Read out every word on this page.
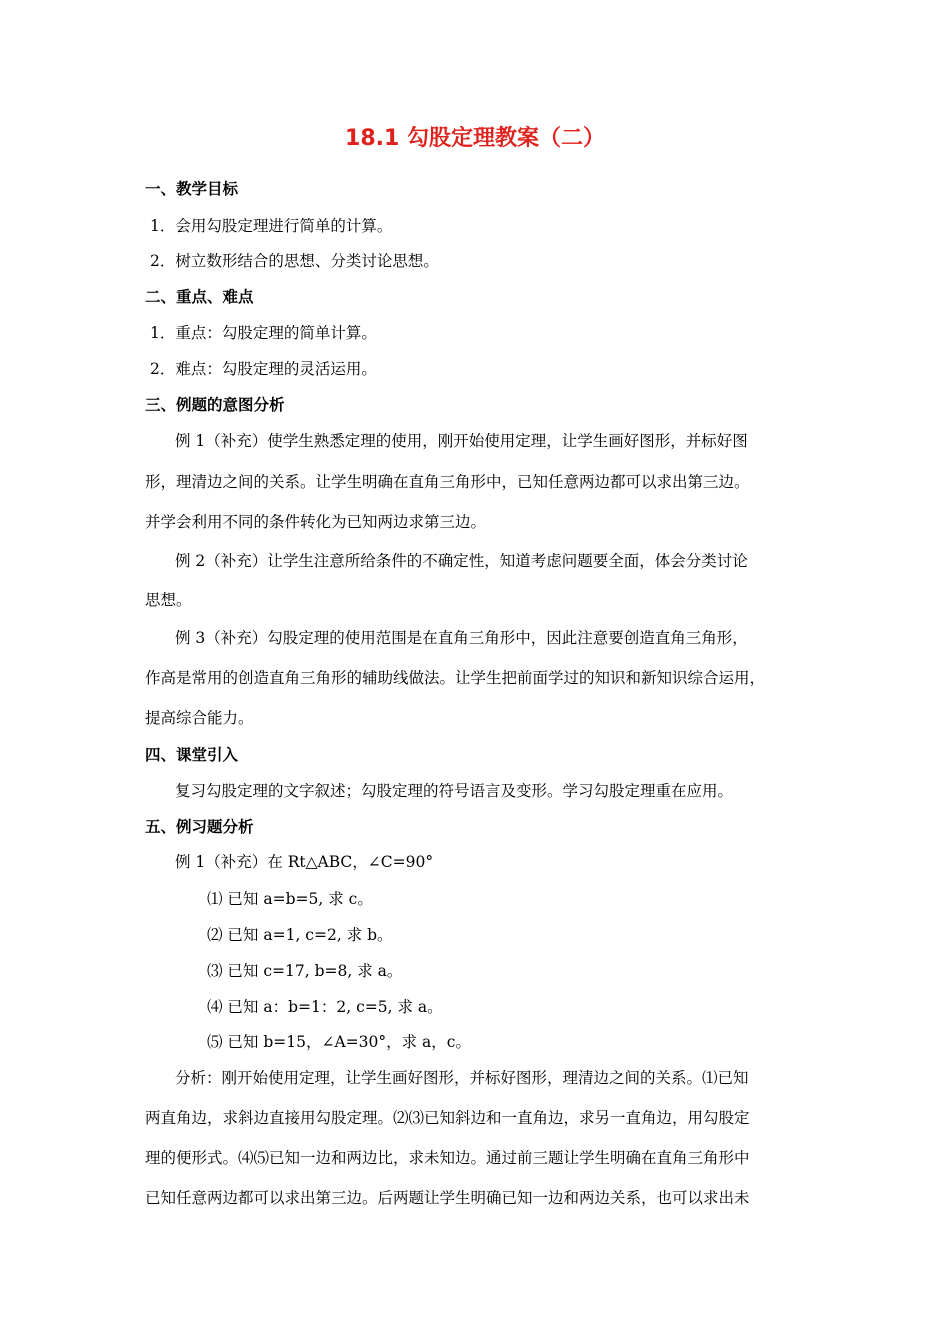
18.1 勾股定理教案（二）
一、教学目标
1．会用勾股定理进行简单的计算。
2．树立数形结合的思想、分类讨论思想。
二、重点、难点
1．重点：勾股定理的简单计算。
2．难点：勾股定理的灵活运用。
三、例题的意图分析
例 1（补充）使学生熟悉定理的使用，刚开始使用定理，让学生画好图形，并标好图
形，理清边之间的关系。让学生明确在直角三角形中，已知任意两边都可以求出第三边。
并学会利用不同的条件转化为已知两边求第三边。
例 2（补充）让学生注意所给条件的不确定性，知道考虑问题要全面，体会分类讨论
思想。
例 3（补充）勾股定理的使用范围是在直角三角形中，因此注意要创造直角三角形，
作高是常用的创造直角三角形的辅助线做法。让学生把前面学过的知识和新知识综合运用，
提高综合能力。
四、课堂引入
复习勾股定理的文字叙述；勾股定理的符号语言及变形。学习勾股定理重在应用。
五、例习题分析
例 1（补充）在 Rt△ABC，∠C=90°
⑴ 已知 a=b=5, 求 c。
⑵ 已知 a=1, c=2, 求 b。
⑶ 已知 c=17, b=8, 求 a。
⑷ 已知 a：b=1：2, c=5, 求 a。
⑸ 已知 b=15，∠A=30°，求 a，c。
分析：刚开始使用定理，让学生画好图形，并标好图形，理清边之间的关系。⑴已知
两直角边，求斜边直接用勾股定理。⑵⑶已知斜边和一直角边，求另一直角边，用勾股定
理的便形式。⑷⑸已知一边和两边比，求未知边。通过前三题让学生明确在直角三角形中
已知任意两边都可以求出第三边。后两题让学生明确已知一边和两边关系，也可以求出未
